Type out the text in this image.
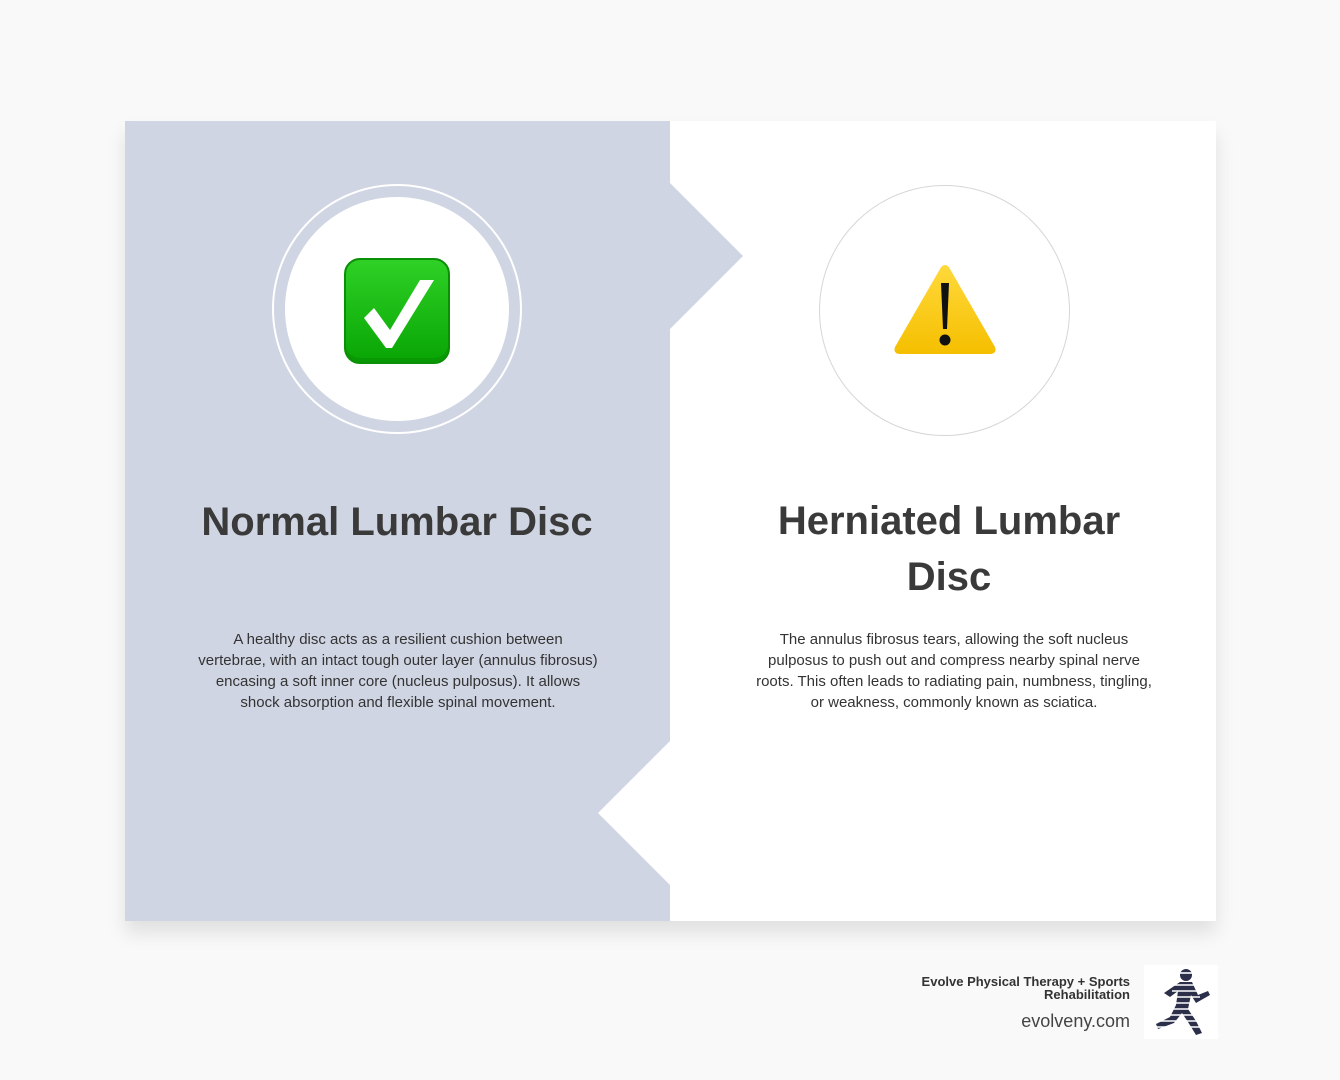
Normal Lumbar Disc

A healthy disc acts as a resilient cushion between vertebrae, with an intact tough outer layer (annulus fibrosus) encasing a soft inner core (nucleus pulposus). It allows shock absorption and flexible spinal movement.

Herniated Lumbar Disc

The annulus fibrosus tears, allowing the soft nucleus pulposus to push out and compress nearby spinal nerve roots. This often leads to radiating pain, numbness, tingling, or weakness, commonly known as sciatica.

Evolve Physical Therapy + Sports Rehabilitation
evolveny.com
